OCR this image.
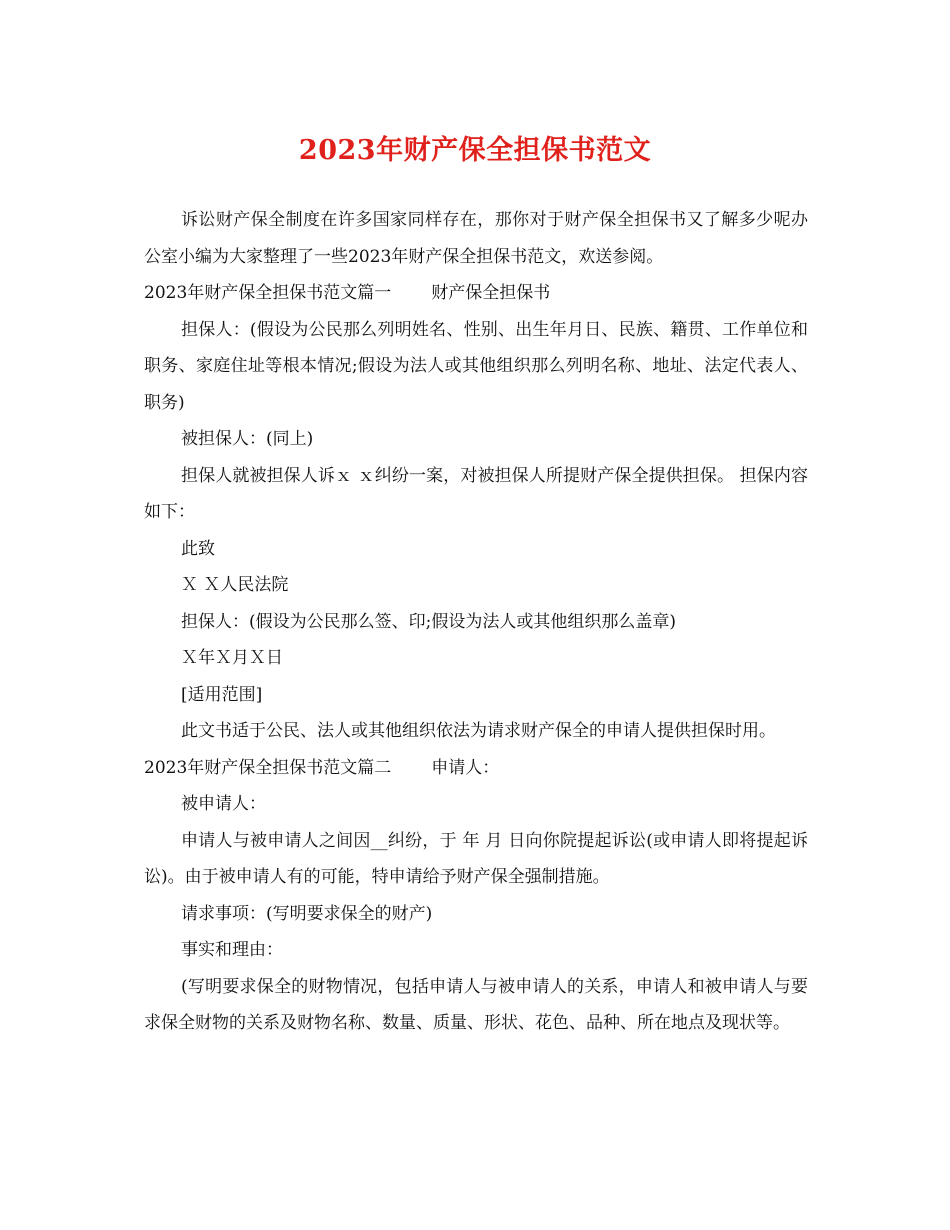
2023年财产保全担保书范文

诉讼财产保全制度在许多国家同样存在，那你对于财产保全担保书又了解多少呢办公室小编为大家整理了一些2023年财产保全担保书范文，欢送参阅。

2023年财产保全担保书范文篇一 财产保全担保书

担保人：(假设为公民那么列明姓名、性别、出生年月日、民族、籍贯、工作单位和职务、家庭住址等根本情况;假设为法人或其他组织那么列明名称、地址、法定代表人、职务)

被担保人：(同上)

担保人就被担保人诉ｘ ｘ纠纷一案，对被担保人所提财产保全提供担保。 担保内容如下：

此致

Ｘ Ｘ人民法院

担保人：(假设为公民那么签、印;假设为法人或其他组织那么盖章)

Ｘ年Ｘ月Ｘ日

[适用范围]

此文书适于公民、法人或其他组织依法为请求财产保全的申请人提供担保时用。

2023年财产保全担保书范文篇二 申请人：

被申请人：

申请人与被申请人之间因__纠纷，于 年 月 日向你院提起诉讼(或申请人即将提起诉讼)。由于被申请人有的可能，特申请给予财产保全强制措施。

请求事项：(写明要求保全的财产)

事实和理由：

(写明要求保全的财物情况，包括申请人与被申请人的关系，申请人和被申请人与要求保全财物的关系及财物名称、数量、质量、形状、花色、品种、所在地点及现状等。
